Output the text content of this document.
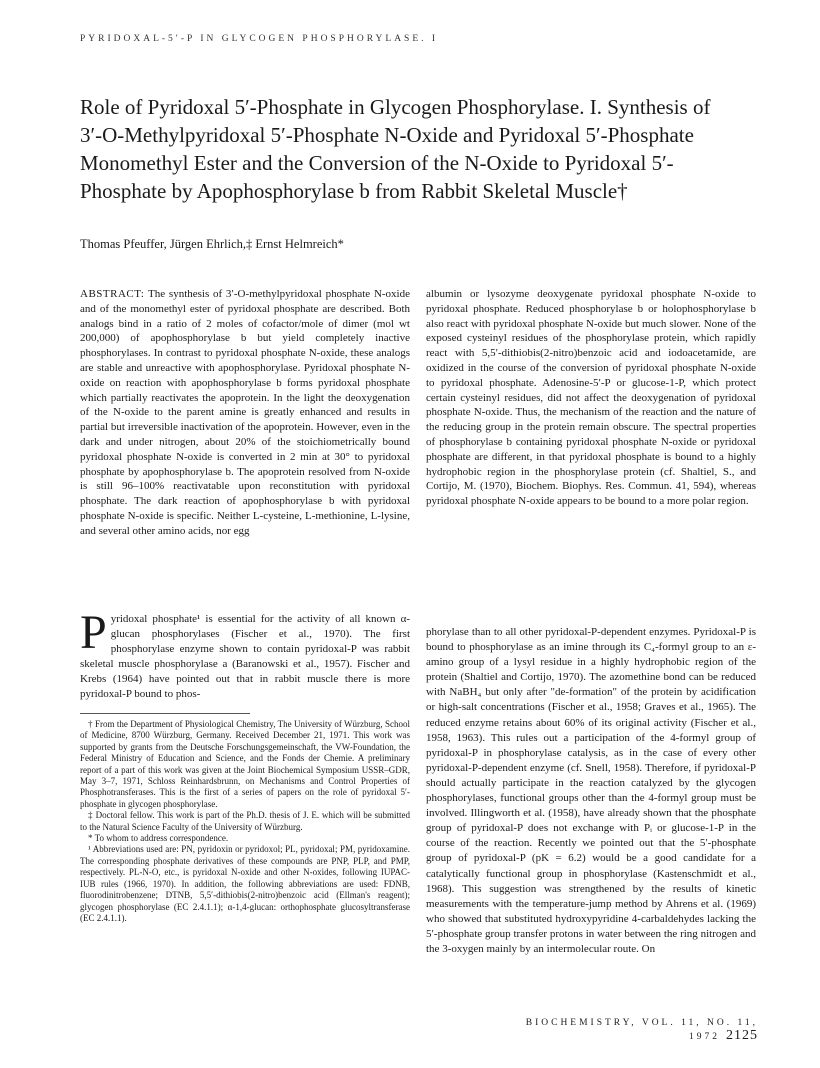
PYRIDOXAL-5′-P IN GLYCOGEN PHOSPHORYLASE. I
Role of Pyridoxal 5′-Phosphate in Glycogen Phosphorylase. I. Synthesis of 3′-O-Methylpyridoxal 5′-Phosphate N-Oxide and Pyridoxal 5′-Phosphate Monomethyl Ester and the Conversion of the N-Oxide to Pyridoxal 5′-Phosphate by Apophosphorylase b from Rabbit Skeletal Muscle†

Thomas Pfeuffer, Jürgen Ehrlich,‡ Ernst Helmreich*

ABSTRACT: The synthesis of 3′-O-methylpyridoxal phosphate N-oxide and of the monomethyl ester of pyridoxal phosphate are described. Both analogs bind in a ratio of 2 moles of cofactor/mole of dimer (mol wt 200,000) of apophosphorylase b but yield completely inactive phosphorylases. In contrast to pyridoxal phosphate N-oxide, these analogs are stable and unreactive with apophosphorylase. Pyridoxal phosphate N-oxide on reaction with apophosphorylase b forms pyridoxal phosphate which partially reactivates the apoprotein. In the light the deoxygenation of the N-oxide to the parent amine is greatly enhanced and results in partial but irreversible inactivation of the apoprotein. However, even in the dark and under nitrogen, about 20% of the stoichiometrically bound pyridoxal phosphate N-oxide is converted in 2 min at 30° to pyridoxal phosphate by apophosphorylase b. The apoprotein resolved from N-oxide is still 96–100% reactivatable upon reconstitution with pyridoxal phosphate. The dark reaction of apophosphorylase b with pyridoxal phosphate N-oxide is specific. Neither L-cysteine, L-methionine, L-lysine, and several other amino acids, nor egg

albumin or lysozyme deoxygenate pyridoxal phosphate N-oxide to pyridoxal phosphate. Reduced phosphorylase b or holophosphorylase b also react with pyridoxal phosphate N-oxide but much slower. None of the exposed cysteinyl residues of the phosphorylase protein, which rapidly react with 5,5′-dithiobis(2-nitro)benzoic acid and iodoacetamide, are oxidized in the course of the conversion of pyridoxal phosphate N-oxide to pyridoxal phosphate. Adenosine-5′-P or glucose-1-P, which protect certain cysteinyl residues, did not affect the deoxygenation of pyridoxal phosphate N-oxide. Thus, the mechanism of the reaction and the nature of the reducing group in the protein remain obscure. The spectral properties of phosphorylase b containing pyridoxal phosphate N-oxide or pyridoxal phosphate are different, in that pyridoxal phosphate is bound to a highly hydrophobic region in the phosphorylase protein (cf. Shaltiel, S., and Cortijo, M. (1970), Biochem. Biophys. Res. Commun. 41, 594), whereas pyridoxal phosphate N-oxide appears to be bound to a more polar region.

P yridoxal phosphate¹ is essential for the activity of all known α-glucan phosphorylases (Fischer et al., 1970). The first phosphorylase enzyme shown to contain pyridoxal-P was rabbit skeletal muscle phosphorylase a (Baranowski et al., 1957). Fischer and Krebs (1964) have pointed out that in rabbit muscle there is more pyridoxal-P bound to phos-

phorylase than to all other pyridoxal-P-dependent enzymes. Pyridoxal-P is bound to phosphorylase as an imine through its C₄-formyl group to an ε-amino group of a lysyl residue in a highly hydrophobic region of the protein (Shaltiel and Cortijo, 1970). The azomethine bond can be reduced with NaBH₄ but only after "de-formation" of the protein by acidification or high-salt concentrations (Fischer et al., 1958; Graves et al., 1965). The reduced enzyme retains about 60% of its original activity (Fischer et al., 1958, 1963). This rules out a participation of the 4-formyl group of pyridoxal-P in phosphorylase catalysis, as in the case of every other pyridoxal-P-dependent enzyme (cf. Snell, 1958). Therefore, if pyridoxal-P should actually participate in the reaction catalyzed by the glycogen phosphorylases, functional groups other than the 4-formyl group must be involved. Illingworth et al. (1958), have already shown that the phosphate group of pyridoxal-P does not exchange with Pᵢ or glucose-1-P in the course of the reaction. Recently we pointed out that the 5′-phosphate group of pyridoxal-P (pK = 6.2) would be a good candidate for a catalytically functional group in phosphorylase (Kastenschmidt et al., 1968). This suggestion was strengthened by the results of kinetic measurements with the temperature-jump method by Ahrens et al. (1969) who showed that substituted hydroxypyridine 4-carbaldehydes lacking the 5′-phosphate group transfer protons in water between the ring nitrogen and the 3-oxygen mainly by an intermolecular route. On

† From the Department of Physiological Chemistry, The University of Würzburg, School of Medicine, 8700 Würzburg, Germany. Received December 21, 1971. This work was supported by grants from the Deutsche Forschungsgemeinschaft, the VW-Foundation, the Federal Ministry of Education and Science, and the Fonds der Chemie. A preliminary report of a part of this work was given at the Joint Biochemical Symposium USSR–GDR, May 3–7, 1971, Schloss Reinhardsbrunn, on Mechanisms and Control Properties of Phosphotransferases. This is the first of a series of papers on the role of pyridoxal 5′-phosphate in glycogen phosphorylase.

‡ Doctoral fellow. This work is part of the Ph.D. thesis of J. E. which will be submitted to the Natural Science Faculty of the University of Würzburg.

* To whom to address correspondence.

¹ Abbreviations used are: PN, pyridoxin or pyridoxol; PL, pyridoxal; PM, pyridoxamine. The corresponding phosphate derivatives of these compounds are PNP, PLP, and PMP, respectively. PL-N-O, etc., is pyridoxal N-oxide and other N-oxides, following IUPAC-IUB rules (1966, 1970). In addition, the following abbreviations are used: FDNB, fluorodinitrobenzene; DTNB, 5,5′-dithiobis(2-nitro)benzoic acid (Ellman's reagent); glycogen phosphorylase (EC 2.4.1.1); α-1,4-glucan: orthophosphate glucosyltransferase (EC 2.4.1.1).

BIOCHEMISTRY, VOL. 11, NO. 11, 1972 2125
